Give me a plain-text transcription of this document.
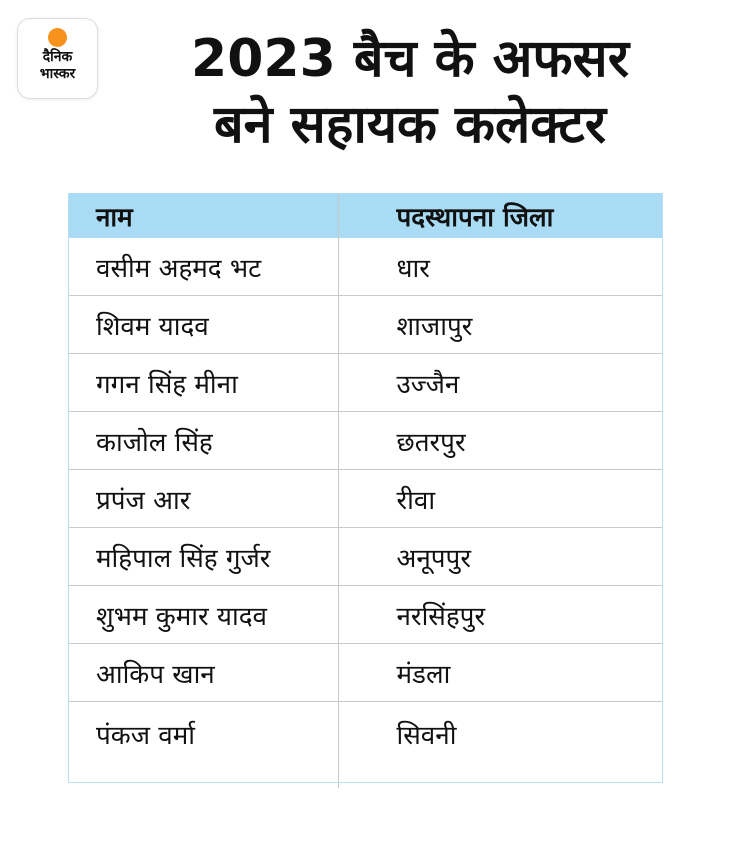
दैनिक
भास्कर	2023 बैच के अफसर
बने सहायक कलेक्टर
नाम	पदस्थापना जिला
वसीम अहमद भट	धार
शिवम यादव	शाजापुर
गगन सिंह मीना	उज्जैन
काजोल सिंह	छतरपुर
प्रपंज आर	रीवा
महिपाल सिंह गुर्जर	अनूपपुर
शुभम कुमार यादव	नरसिंहपुर
आकिप खान	मंडला
पंकज वर्मा	सिवनी
